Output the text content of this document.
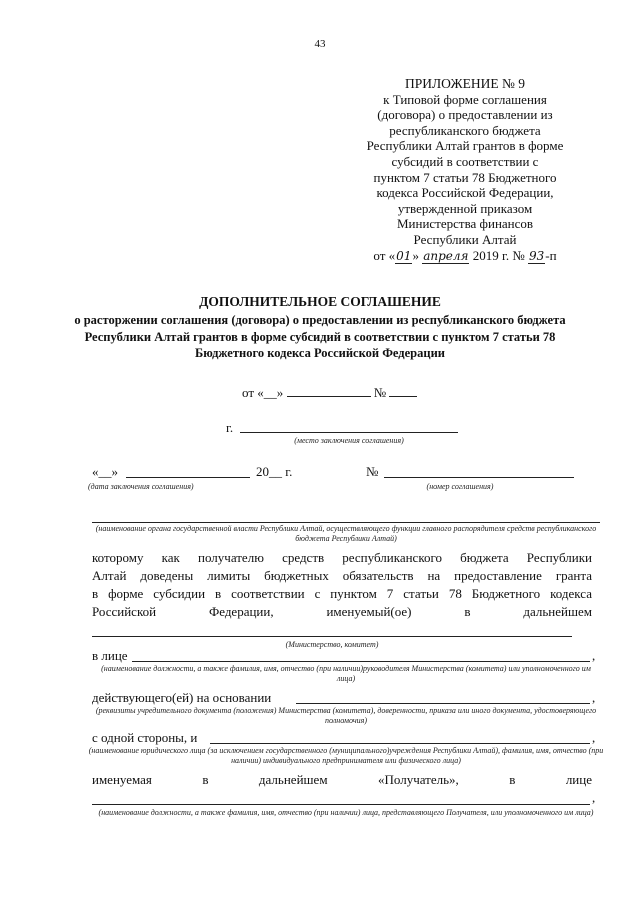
43
ПРИЛОЖЕНИЕ № 9
к Типовой форме соглашения
(договора) о предоставлении из
республиканского бюджета
Республики Алтай грантов в форме
субсидий в соответствии с
пунктом 7 статьи 78 Бюджетного
кодекса Российской Федерации,
утвержденной приказом
Министерства финансов
Республики Алтай
от «01» апреля 2019 г. № 93-п
ДОПОЛНИТЕЛЬНОЕ СОГЛАШЕНИЕ
о расторжении соглашения (договора) о предоставлении из республиканского бюджета Республики Алтай грантов в форме субсидий в соответствии с пунктом 7 статьи 78 Бюджетного кодекса Российской Федерации
от «__»	№
г.
(место заключения соглашения)
«__»	20__ г.	№
(дата заключения соглашения)	(номер соглашения)
(наименование органа государственной власти Республики Алтай, осуществляющего функции главного распорядителя средств республиканского бюджета Республики Алтай)
которому как получателю средств республиканского бюджета Республики
Алтай доведены лимиты бюджетных обязательств на предоставление гранта
в форме субсидии в соответствии с пунктом 7 статьи 78 Бюджетного кодекса
Российской Федерации, именуемый(ое) в дальнейшем
(Министерство, комитет)
в лице	,
(наименование должности, а также фамилия, имя, отчество (при наличии)руководителя Министерства (комитета) или уполномоченного им лица)
действующего(ей) на основании	,
(реквизиты учредительного документа (положения) Министерства (комитета), доверенности, приказа или иного документа, удостоверяющего полномочия)
с одной стороны, и	,
(наименование юридического лица (за исключением государственного (муниципального)учреждения Республики Алтай), фамилия, имя, отчество (при наличии) индивидуального предпринимателя или физического лица)
именуемая в дальнейшем «Получатель», в лице
,
(наименование должности, а также фамилия, имя, отчество (при наличии) лица, представляющего Получателя, или уполномоченного им лица)
